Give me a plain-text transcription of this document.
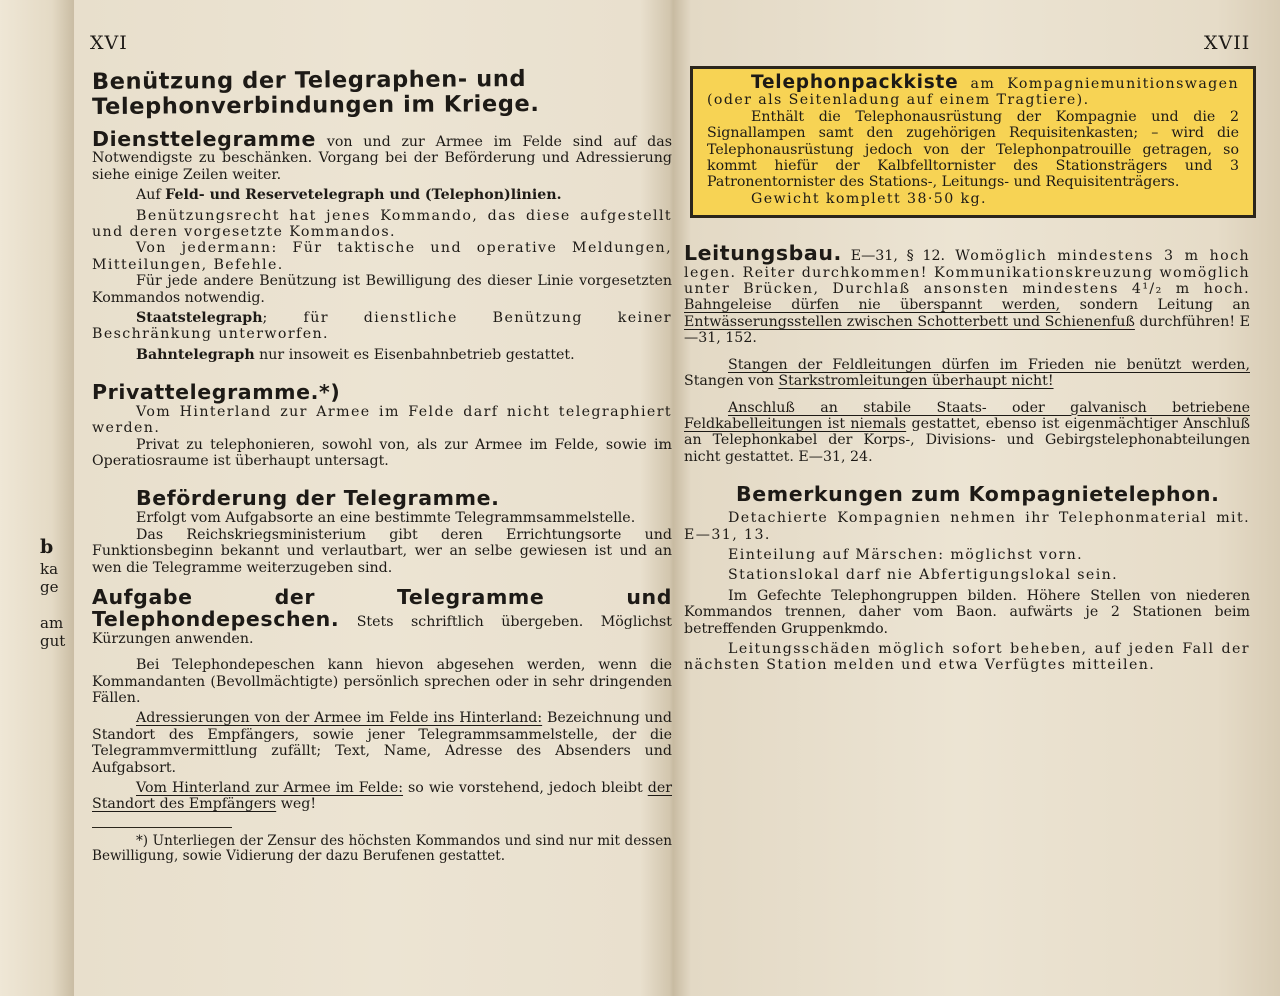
b
ka
ge
am
gut
XVI
Benützung der Telegraphen- und
Telephonverbindungen im Kriege.

Diensttelegramme von und zur Armee im Felde sind auf das Notwendigste zu beschänken. Vorgang bei der Beförderung und Adressierung siehe einige Zeilen weiter.

Auf Feld- und Reservetelegraph und (Telephon)linien.

Benützungsrecht hat jenes Kommando, das diese aufgestellt und deren vorgesetzte Kommandos.

Von jedermann: Für taktische und operative Meldungen, Mitteilungen, Befehle.

Für jede andere Benützung ist Bewilligung des dieser Linie vorgesetzten Kommandos notwendig.

Staatstelegraph; für dienstliche Benützung keiner Beschränkung unterworfen.

Bahntelegraph nur insoweit es Eisenbahnbetrieb gestattet.

Privattelegramme.*)

Vom Hinterland zur Armee im Felde darf nicht telegraphiert werden.

Privat zu telephonieren, sowohl von, als zur Armee im Felde, sowie im Operatiosraume ist überhaupt untersagt.

Beförderung der Telegramme.

Erfolgt vom Aufgabsorte an eine bestimmte Telegrammsammelstelle.

Das Reichskriegsministerium gibt deren Errichtungsorte und Funktionsbeginn bekannt und verlautbart, wer an selbe gewiesen ist und an wen die Telegramme weiterzugeben sind.

Aufgabe der Telegramme und Telephondepeschen. Stets schriftlich übergeben. Möglichst Kürzungen anwenden.

Bei Telephondepeschen kann hievon abgesehen werden, wenn die Kommandanten (Bevollmächtigte) persönlich sprechen oder in sehr dringenden Fällen.

Adressierungen von der Armee im Felde ins Hinterland: Bezeichnung und Standort des Empfängers, sowie jener Telegrammsammelstelle, der die Telegrammvermittlung zufällt; Text, Name, Adresse des Absenders und Aufgabsort.

Vom Hinterland zur Armee im Felde: so wie vorstehend, jedoch bleibt der Standort des Empfängers weg!

*) Unterliegen der Zensur des höchsten Kommandos und sind nur mit dessen Bewilligung, sowie Vidierung der dazu Berufenen gestattet.

XVII

Telephonpackkiste am Kompagniemunitionswagen (oder als Seitenladung auf einem Tragtiere).

Enthält die Telephonausrüstung der Kompagnie und die 2 Signallampen samt den zugehörigen Requisitenkasten; – wird die Telephonausrüstung jedoch von der Telephonpatrouille getragen, so kommt hiefür der Kalbfelltornister des Stationsträgers und 3 Patronentornister des Stations-, Leitungs- und Requisitenträgers.

Gewicht komplett 38·50 kg.

Leitungsbau. E—31, § 12. Womöglich mindestens 3 m hoch legen. Reiter durchkommen! Kommunikationskreuzung womöglich unter Brücken, Durchlaß ansonsten mindestens 4¹/₂ m hoch. Bahngeleise dürfen nie überspannt werden, sondern Leitung an Entwässerungsstellen zwischen Schotterbett und Schienenfuß durchführen! E—31, 152.

Stangen der Feldleitungen dürfen im Frieden nie benützt werden, Stangen von Starkstromleitungen überhaupt nicht!

Anschluß an stabile Staats- oder galvanisch betriebene Feldkabelleitungen ist niemals gestattet, ebenso ist eigenmächtiger Anschluß an Telephonkabel der Korps-, Divisions- und Gebirgstelephonabteilungen nicht gestattet. E—31, 24.

Bemerkungen zum Kompagnietelephon.

Detachierte Kompagnien nehmen ihr Telephonmaterial mit. E—31, 13.

Einteilung auf Märschen: möglichst vorn.

Stationslokal darf nie Abfertigungslokal sein.

Im Gefechte Telephongruppen bilden. Höhere Stellen von niederen Kommandos trennen, daher vom Baon. aufwärts je 2 Stationen beim betreffenden Gruppenkmdo.

Leitungsschäden möglich sofort beheben, auf jeden Fall der nächsten Station melden und etwa Verfügtes mitteilen.
